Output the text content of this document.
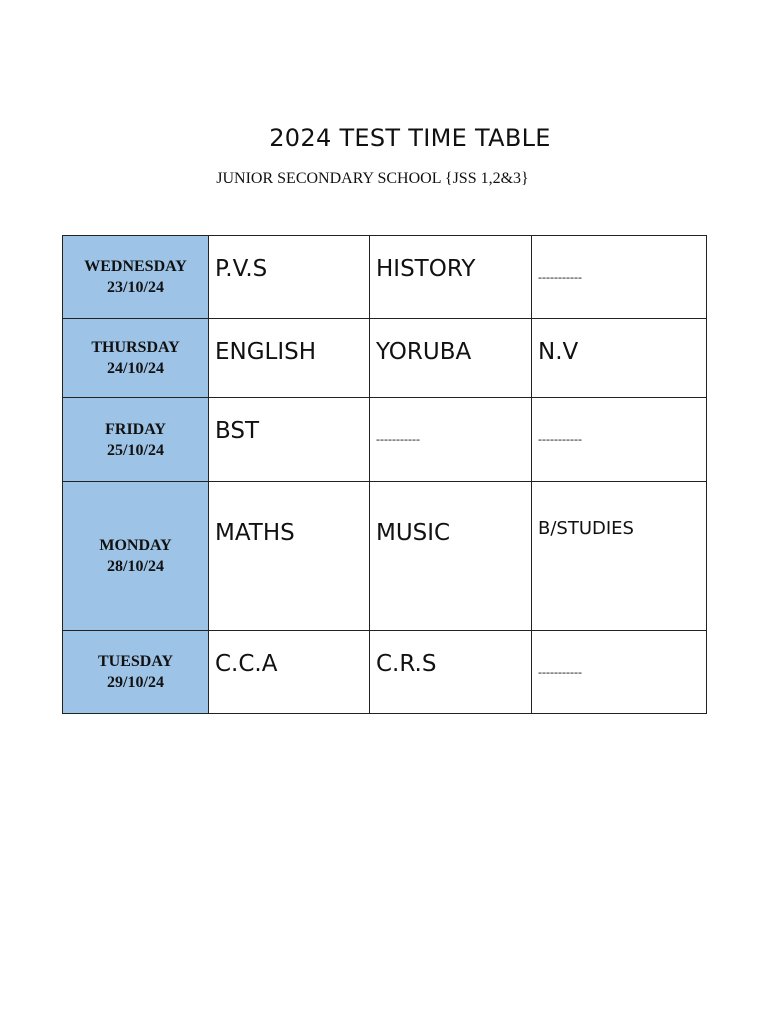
2024 TEST TIME TABLE

JUNIOR SECONDARY SCHOOL {JSS 1,2&3}

WEDNESDAY
23/10/24	P.V.S	HISTORY	-----------

THURSDAY
24/10/24	ENGLISH	YORUBA	N.V

FRIDAY
25/10/24	BST	-----------	-----------

MONDAY
28/10/24	MATHS	MUSIC	B/STUDIES

TUESDAY
29/10/24	C.C.A	C.R.S	-----------
